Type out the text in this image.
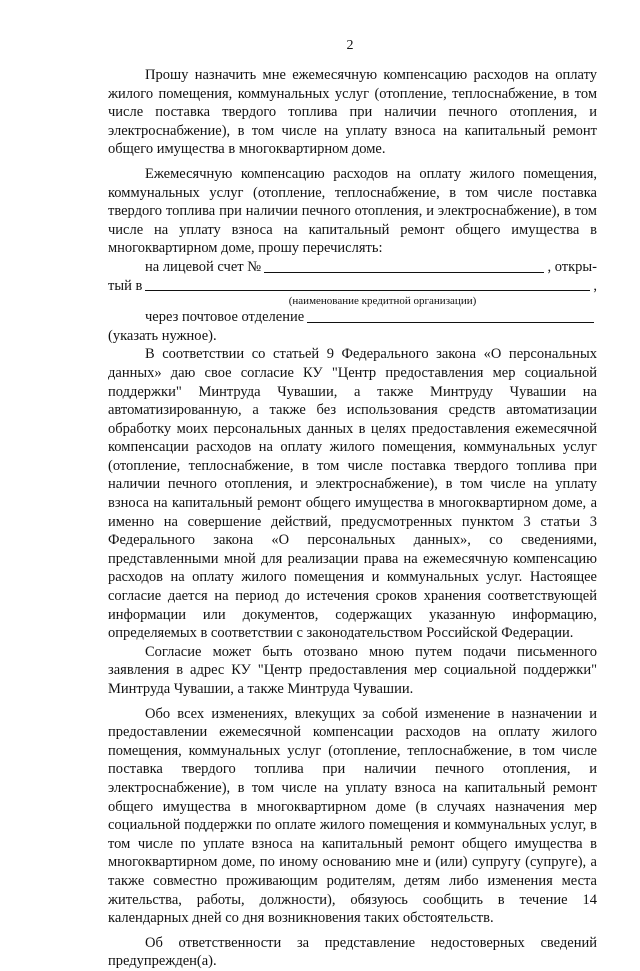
2

Прошу назначить мне ежемесячную компенсацию расходов на оплату жилого помещения, коммунальных услуг (отопление, теплоснабжение, в том числе поставка твердого топлива при наличии печного отопления, и электроснабжение), в том числе на уплату взноса на капитальный ремонт общего имущества в многоквартирном доме.

Ежемесячную компенсацию расходов на оплату жилого помещения, коммунальных услуг (отопление, теплоснабжение, в том числе поставка твердого топлива при наличии печного отопления, и электроснабжение), в том числе на уплату взноса на капитальный ремонт общего имущества в многоквартирном доме, прошу перечислять:

на лицевой счет №	, откры-
тый в	,
(наименование кредитной организации)
через почтовое отделение

(указать нужное).

В соответствии со статьей 9 Федерального закона «О персональных данных» даю свое согласие КУ "Центр предоставления мер социальной поддержки" Минтруда Чувашии, а также Минтруду Чувашии на автоматизированную, а также без использования средств автоматизации обработку моих персональных данных в целях предоставления ежемесячной компенсации расходов на оплату жилого помещения, коммунальных услуг (отопление, теплоснабжение, в том числе поставка твердого топлива при наличии печного отопления, и электроснабжение), в том числе на уплату взноса на капитальный ремонт общего имущества в многоквартирном доме, а именно на совершение действий, предусмотренных пунктом 3 статьи 3 Федерального закона «О персональных данных», со сведениями, представленными мной для реализации права на ежемесячную компенсацию расходов на оплату жилого помещения и коммунальных услуг. Настоящее согласие дается на период до истечения сроков хранения соответствующей информации или документов, содержащих указанную информацию, определяемых в соответствии с законодательством Российской Федерации.

Согласие может быть отозвано мною путем подачи письменного заявления в адрес КУ "Центр предоставления мер социальной поддержки" Минтруда Чувашии, а также Минтруда Чувашии.

Обо всех изменениях, влекущих за собой изменение в назначении и предоставлении ежемесячной компенсации расходов на оплату жилого помещения, коммунальных услуг (отопление, теплоснабжение, в том числе поставка твердого топлива при наличии печного отопления, и электроснабжение), в том числе на уплату взноса на капитальный ремонт общего имущества в многоквартирном доме (в случаях назначения мер социальной поддержки по оплате жилого помещения и коммунальных услуг, в том числе по уплате взноса на капитальный ремонт общего имущества в многоквартирном доме, по иному основанию мне и (или) супругу (супруге), а также совместно проживающим родителям, детям либо изменения места жительства, работы, должности), обязуюсь сообщить в течение 14 календарных дней со дня возникновения таких обстоятельств.

Об ответственности за представление недостоверных сведений предупрежден(а).
